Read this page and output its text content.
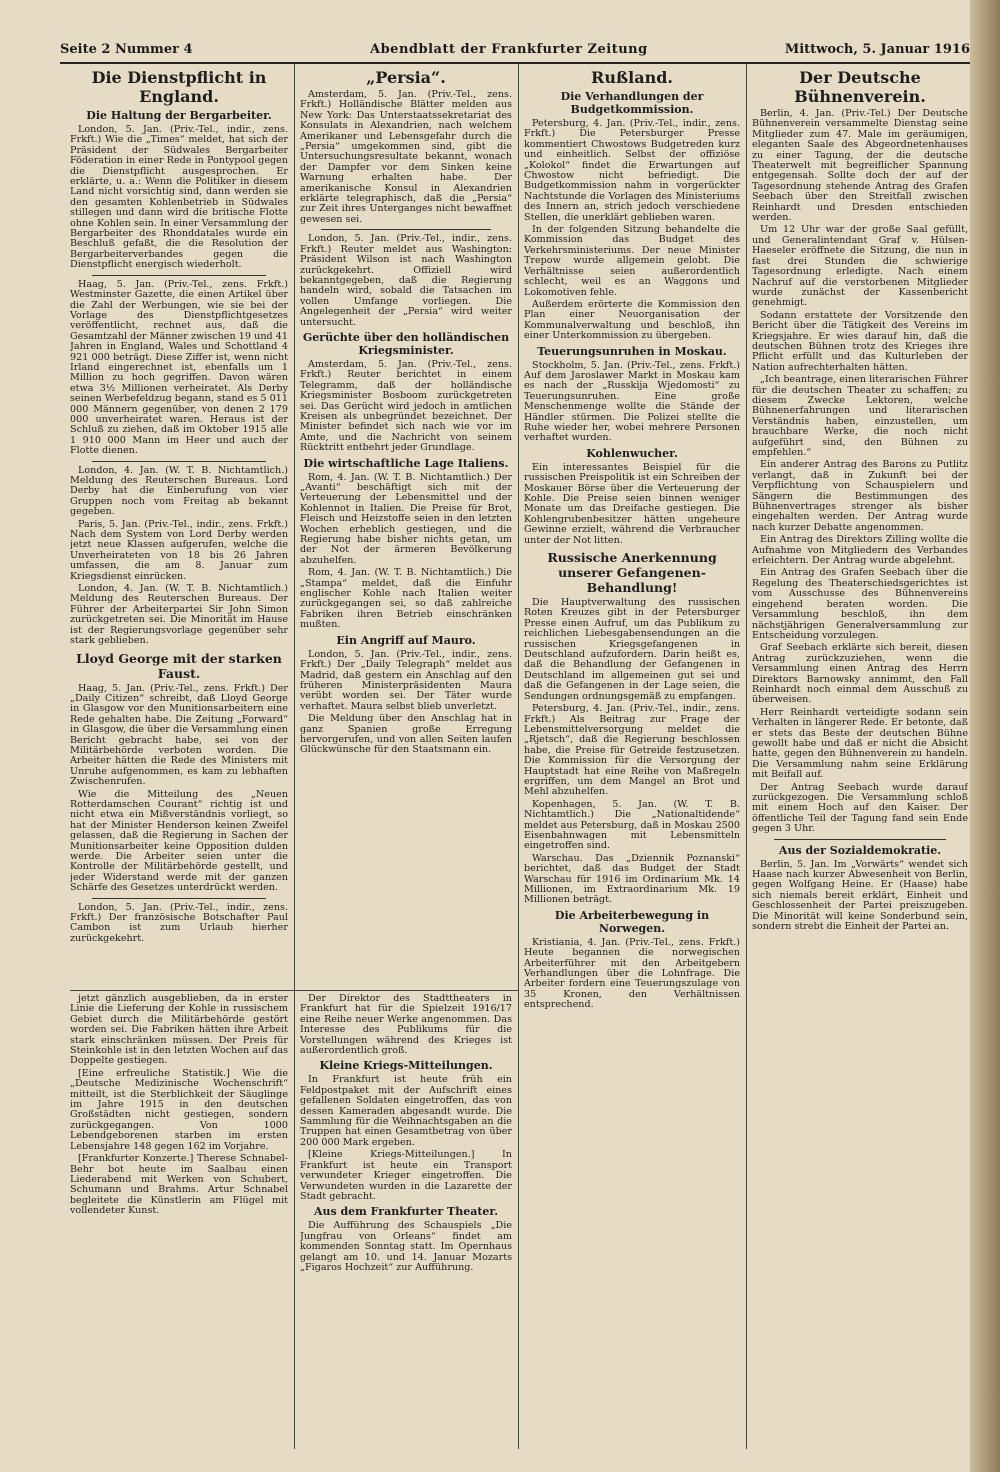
Seite 2 Nummer 4	Abendblatt der Frankfurter Zeitung	Mittwoch, 5. Januar 1916
Die Dienstpflicht in England.
Die Haltung der Bergarbeiter.

London, 5. Jan. (Priv.-Tel., indir., zens. Frkft.) Wie die „Times“ meldet, hat sich der Präsident der Südwales Bergarbeiter Föderation in einer Rede in Pontypool gegen die Dienstpflicht ausgesprochen. Er erklärte, u. a.: Wenn die Politiker in diesem Land nicht vorsichtig sind, dann werden sie den gesamten Kohlenbetrieb in Südwales stillegen und dann wird die britische Flotte ohne Kohlen sein. In einer Versammlung der Bergarbeiter des Rhonddatales wurde ein Beschluß gefaßt, die die Resolution der Bergarbeiterverbandes gegen die Dienstpflicht energisch wiederholt.

Haag, 5. Jan. (Priv.-Tel., zens. Frkft.) Westminster Gazette, die einen Artikel über die Zahl der Werbungen, wie sie bei der Vorlage des Dienstpflichtgesetzes veröffentlicht, rechnet aus, daß die Gesamtzahl der Männer zwischen 19 und 41 Jahren in England, Wales und Schottland 4 921 000 beträgt. Diese Ziffer ist, wenn nicht Irland eingerechnet ist, ebenfalls um 1 Million zu hoch gegriffen. Davon wären etwa 3½ Millionen verheiratet. Als Derby seinen Werbefeldzug begann, stand es 5 011 000 Männern gegenüber, von denen 2 179 000 unverheiratet waren. Heraus ist der Schluß zu ziehen, daß im Oktober 1915 alle 1 910 000 Mann im Heer und auch der Flotte dienen.

London, 4. Jan. (W. T. B. Nichtamtlich.) Meldung des Reuterschen Bureaus. Lord Derby hat die Einberufung von vier Gruppen noch vom Freitag ab bekannt gegeben.

Paris, 5. Jan. (Priv.-Tel., indir., zens. Frkft.) Nach dem System von Lord Derby werden jetzt neue Klassen aufgerufen, welche die Unverheirateten von 18 bis 26 Jahren umfassen, die am 8. Januar zum Kriegsdienst einrücken.

London, 4. Jan. (W. T. B. Nichtamtlich.) Meldung des Reuterschen Bureaus. Der Führer der Arbeiterpartei Sir John Simon zurückgetreten sei. Die Minorität im Hause ist der Regierungsvorlage gegenüber sehr stark geblieben.

Lloyd George mit der starken Faust.

Haag, 5. Jan. (Priv.-Tel., zens. Frkft.) Der „Daily Citizen“ schreibt, daß Lloyd George in Glasgow vor den Munitionsarbeitern eine Rede gehalten habe. Die Zeitung „Forward“ in Glasgow, die über die Versammlung einen Bericht gebracht habe, sei von der Militärbehörde verboten worden. Die Arbeiter hätten die Rede des Ministers mit Unruhe aufgenommen, es kam zu lebhaften Zwischenrufen.

Wie die Mitteilung des „Neuen Rotterdamschen Courant“ richtig ist und nicht etwa ein Mißverständnis vorliegt, so hat der Minister Henderson keinen Zweifel gelassen, daß die Regierung in Sachen der Munitionsarbeiter keine Opposition dulden werde. Die Arbeiter seien unter die Kontrolle der Militärbehörde gestellt, und jeder Widerstand werde mit der ganzen Schärfe des Gesetzes unterdrückt werden.

London, 5. Jan. (Priv.-Tel., indir., zens. Frkft.) Der französische Botschafter Paul Cambon ist zum Urlaub hierher zurückgekehrt.

„Persia“.

Amsterdam, 5. Jan. (Priv.-Tel., zens. Frkft.) Holländische Blätter melden aus New York: Das Unterstaatssekretariat des Konsulats in Alexandrien, nach welchem Amerikaner und Lebensgefahr durch die „Persia“ umgekommen sind, gibt die Untersuchungsresultate bekannt, wonach der Dampfer vor dem Sinken keine Warnung erhalten habe. Der amerikanische Konsul in Alexandrien erklärte telegraphisch, daß die „Persia“ zur Zeit ihres Unterganges nicht bewaffnet gewesen sei.

London, 5. Jan. (Priv.-Tel., indir., zens. Frkft.) Reuter meldet aus Washington: Präsident Wilson ist nach Washington zurückgekehrt. Offiziell wird bekanntgegeben, daß die Regierung handeln wird, sobald die Tatsachen im vollen Umfange vorliegen. Die Angelegenheit der „Persia“ wird weiter untersucht.

Gerüchte über den holländischen Kriegsminister.

Amsterdam, 5. Jan. (Priv.-Tel., zens. Frkft.) Reuter berichtet in einem Telegramm, daß der holländische Kriegsminister Bosboom zurückgetreten sei. Das Gerücht wird jedoch in amtlichen Kreisen als unbegründet bezeichnet. Der Minister befindet sich nach wie vor im Amte, und die Nachricht von seinem Rücktritt entbehrt jeder Grundlage.

Die wirtschaftliche Lage Italiens.

Rom, 4. Jan. (W. T. B. Nichtamtlich.) Der „Avanti“ beschäftigt sich mit der Verteuerung der Lebensmittel und der Kohlennot in Italien. Die Preise für Brot, Fleisch und Heizstoffe seien in den letzten Wochen erheblich gestiegen, und die Regierung habe bisher nichts getan, um der Not der ärmeren Bevölkerung abzuhelfen.

Rom, 4. Jan. (W. T. B. Nichtamtlich.) Die „Stampa“ meldet, daß die Einfuhr englischer Kohle nach Italien weiter zurückgegangen sei, so daß zahlreiche Fabriken ihren Betrieb einschränken mußten.

Ein Angriff auf Mauro.

London, 5. Jan. (Priv.-Tel., indir., zens. Frkft.) Der „Daily Telegraph“ meldet aus Madrid, daß gestern ein Anschlag auf den früheren Ministerpräsidenten Maura verübt worden sei. Der Täter wurde verhaftet. Maura selbst blieb unverletzt.

Die Meldung über den Anschlag hat in ganz Spanien große Erregung hervorgerufen, und von allen Seiten laufen Glückwünsche für den Staatsmann ein.

Rußland.
Die Verhandlungen der Budgetkommission.

Petersburg, 4. Jan. (Priv.-Tel., indir., zens. Frkft.) Die Petersburger Presse kommentiert Chwostows Budgetreden kurz und einheitlich. Selbst der offiziöse „Kolokol“ findet die Erwartungen auf Chwostow nicht befriedigt. Die Budgetkommission nahm in vorgerückter Nachtstunde die Vorlagen des Ministeriums des Innern an, strich jedoch verschiedene Stellen, die unerklärt geblieben waren.

In der folgenden Sitzung behandelte die Kommission das Budget des Verkehrsministeriums. Der neue Minister Trepow wurde allgemein gelobt. Die Verhältnisse seien außerordentlich schlecht, weil es an Waggons und Lokomotiven fehle.

Außerdem erörterte die Kommission den Plan einer Neuorganisation der Kommunalverwaltung und beschloß, ihn einer Unterkommission zu übergeben.

Teuerungsunruhen in Moskau.

Stockholm, 5. Jan. (Priv.-Tel., zens. Frkft.) Auf dem Jaroslawer Markt in Moskau kam es nach der „Russkija Wjedomosti“ zu Teuerungsunruhen. Eine große Menschenmenge wollte die Stände der Händler stürmen. Die Polizei stellte die Ruhe wieder her, wobei mehrere Personen verhaftet wurden.

Kohlenwucher.

Ein interessantes Beispiel für die russischen Preispolitik ist ein Schreiben der Moskauer Börse über die Verteuerung der Kohle. Die Preise seien binnen weniger Monate um das Dreifache gestiegen. Die Kohlengrubenbesitzer hätten ungeheure Gewinne erzielt, während die Verbraucher unter der Not litten.

Russische Anerkennung unserer Gefangenen-Behandlung!

Die Hauptverwaltung des russischen Roten Kreuzes gibt in der Petersburger Presse einen Aufruf, um das Publikum zu reichlichen Liebesgabensendungen an die russischen Kriegsgefangenen in Deutschland aufzufordern. Darin heißt es, daß die Behandlung der Gefangenen in Deutschland im allgemeinen gut sei und daß die Gefangenen in der Lage seien, die Sendungen ordnungsgemäß zu empfangen.

Petersburg, 4. Jan. (Priv.-Tel., indir., zens. Frkft.) Als Beitrag zur Frage der Lebensmittelversorgung meldet die „Rjetsch“, daß die Regierung beschlossen habe, die Preise für Getreide festzusetzen. Die Kommission für die Versorgung der Hauptstadt hat eine Reihe von Maßregeln ergriffen, um dem Mangel an Brot und Mehl abzuhelfen.

Kopenhagen, 5. Jan. (W. T. B. Nichtamtlich.) Die „Nationaltidende“ meldet aus Petersburg, daß in Moskau 2500 Eisenbahnwagen mit Lebensmitteln eingetroffen sind.

Warschau. Das „Dziennik Poznanski“ berichtet, daß das Budget der Stadt Warschau für 1916 im Ordinarium Mk. 14 Millionen, im Extraordinarium Mk. 19 Millionen beträgt.

Die Arbeiterbewegung in Norwegen.

Kristiania, 4. Jan. (Priv.-Tel., zens. Frkft.) Heute begannen die norwegischen Arbeiterführer mit den Arbeitgebern Verhandlungen über die Lohnfrage. Die Arbeiter fordern eine Teuerungszulage von 35 Kronen, den Verhältnissen entsprechend.

Der Deutsche Bühnenverein.

Berlin, 4. Jan. (Priv.-Tel.) Der Deutsche Bühnenverein versammelte Dienstag seine Mitglieder zum 47. Male im geräumigen, eleganten Saale des Abgeordnetenhauses zu einer Tagung, der die deutsche Theaterwelt mit begreiflicher Spannung entgegensah. Sollte doch der auf der Tagesordnung stehende Antrag des Grafen Seebach über den Streitfall zwischen Reinhardt und Dresden entschieden werden.

Um 12 Uhr war der große Saal gefüllt, und Generalintendant Graf v. Hülsen-Haeseler eröffnete die Sitzung, die nun in fast drei Stunden die schwierige Tagesordnung erledigte. Nach einem Nachruf auf die verstorbenen Mitglieder wurde zunächst der Kassenbericht genehmigt.

Sodann erstattete der Vorsitzende den Bericht über die Tätigkeit des Vereins im Kriegsjahre. Er wies darauf hin, daß die deutschen Bühnen trotz des Krieges ihre Pflicht erfüllt und das Kulturleben der Nation aufrechterhalten hätten.

„Ich beantrage, einen literarischen Führer für die deutschen Theater zu schaffen; zu diesem Zwecke Lektoren, welche Bühnenerfahrungen und literarischen Verständnis haben, einzustellen, um brauchbare Werke, die noch nicht aufgeführt sind, den Bühnen zu empfehlen.“

Ein anderer Antrag des Barons zu Putlitz verlangt, daß in Zukunft bei der Verpflichtung von Schauspielern und Sängern die Bestimmungen des Bühnenvertrages strenger als bisher eingehalten werden. Der Antrag wurde nach kurzer Debatte angenommen.

Ein Antrag des Direktors Zilling wollte die Aufnahme von Mitgliedern des Verbandes erleichtern. Der Antrag wurde abgelehnt.

Ein Antrag des Grafen Seebach über die Regelung des Theaterschiedsgerichtes ist vom Ausschusse des Bühnenvereins eingehend beraten worden. Die Versammlung beschloß, ihn dem nächstjährigen Generalversammlung zur Entscheidung vorzulegen.

Graf Seebach erklärte sich bereit, diesen Antrag zurückzuziehen, wenn die Versammlung einen Antrag des Herrn Direktors Barnowsky annimmt, den Fall Reinhardt noch einmal dem Ausschuß zu überweisen.

Herr Reinhardt verteidigte sodann sein Verhalten in längerer Rede. Er betonte, daß er stets das Beste der deutschen Bühne gewollt habe und daß er nicht die Absicht hatte, gegen den Bühnenverein zu handeln. Die Versammlung nahm seine Erklärung mit Beifall auf.

Der Antrag Seebach wurde darauf zurückgezogen. Die Versammlung schloß mit einem Hoch auf den Kaiser. Der öffentliche Teil der Tagung fand sein Ende gegen 3 Uhr.

Aus der Sozialdemokratie.

Berlin, 5. Jan. Im „Vorwärts“ wendet sich Haase nach kurzer Abwesenheit von Berlin, gegen Wolfgang Heine. Er (Haase) habe sich niemals bereit erklärt, Einheit und Geschlossenheit der Partei preiszugeben. Die Minorität will keine Sonderbund sein, sondern strebt die Einheit der Partei an.

jetzt gänzlich ausgeblieben, da in erster Linie die Lieferung der Kohle in russischem Gebiet durch die Militärbehörde gestört worden sei. Die Fabriken hätten ihre Arbeit stark einschränken müssen. Der Preis für Steinkohle ist in den letzten Wochen auf das Doppelte gestiegen.

[Eine erfreuliche Statistik.] Wie die „Deutsche Medizinische Wochenschrift“ mitteilt, ist die Sterblichkeit der Säuglinge im Jahre 1915 in den deutschen Großstädten nicht gestiegen, sondern zurückgegangen. Von 1000 Lebendgeborenen starben im ersten Lebensjahre 148 gegen 162 im Vorjahre.

[Frankfurter Konzerte.] Therese Schnabel-Behr bot heute im Saalbau einen Liederabend mit Werken von Schubert, Schumann und Brahms. Artur Schnabel begleitete die Künstlerin am Flügel mit vollendeter Kunst.

Der Direktor des Stadttheaters in Frankfurt hat für die Spielzeit 1916/17 eine Reihe neuer Werke angenommen. Das Interesse des Publikums für die Vorstellungen während des Krieges ist außerordentlich groß.

Kleine Kriegs-Mitteilungen.

In Frankfurt ist heute früh ein Feldpostpaket mit der Aufschrift eines gefallenen Soldaten eingetroffen, das von dessen Kameraden abgesandt wurde. Die Sammlung für die Weihnachtsgaben an die Truppen hat einen Gesamtbetrag von über 200 000 Mark ergeben.

[Kleine Kriegs-Mitteilungen.] In Frankfurt ist heute ein Transport verwundeter Krieger eingetroffen. Die Verwundeten wurden in die Lazarette der Stadt gebracht.

Aus dem Frankfurter Theater.

Die Aufführung des Schauspiels „Die Jungfrau von Orleans“ findet am kommenden Sonntag statt. Im Opernhaus gelangt am 10. und 14. Januar Mozarts „Figaros Hochzeit“ zur Aufführung.
